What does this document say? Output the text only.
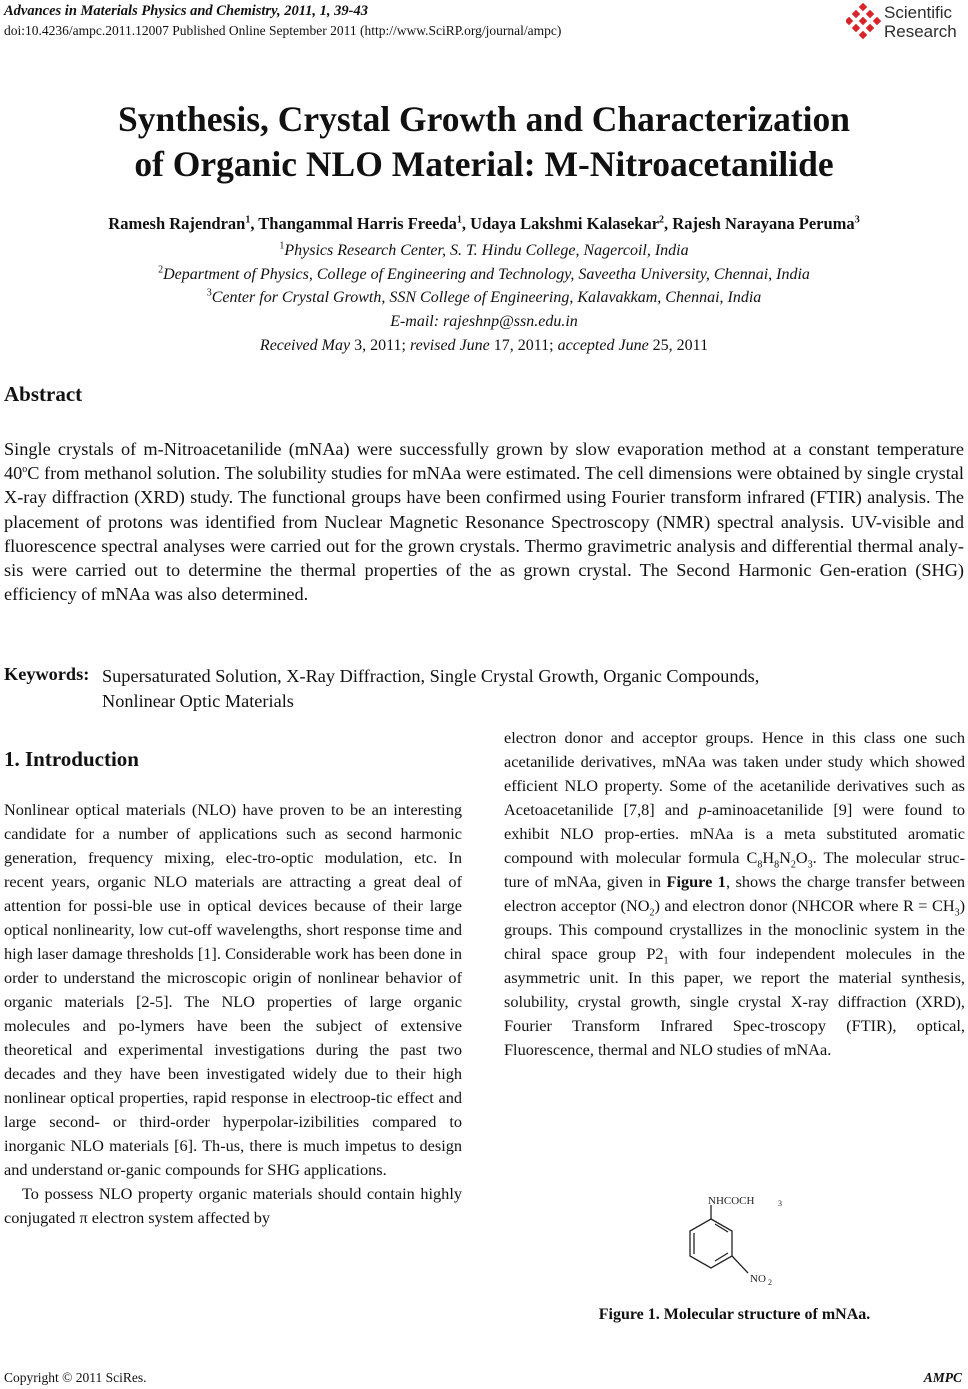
Advances in Materials Physics and Chemistry, 2011, 1, 39-43
doi:10.4236/ampc.2011.12007 Published Online September 2011 (http://www.SciRP.org/journal/ampc)
Scientific
Research
Synthesis, Crystal Growth and Characterization
of Organic NLO Material: M-Nitroacetanilide
Ramesh Rajendran$^1$, Thangammal Harris Freeda$^1$, Udaya Lakshmi Kalasekar$^2$, Rajesh Narayana Peruma$^3$
$^1$Physics Research Center, S. T. Hindu College, Nagercoil, India
$^2$Department of Physics, College of Engineering and Technology, Saveetha University, Chennai, India
$^3$Center for Crystal Growth, SSN College of Engineering, Kalavakkam, Chennai, India
E-mail: rajeshnp@ssn.edu.in
Received May 3, 2011; revised June 17, 2011; accepted June 25, 2011
Abstract
Single crystals of m-Nitroacetanilide (mNAa) were successfully grown by slow evaporation method at a constant temperature 40$^o$C from methanol solution. The solubility studies for mNAa were estimated. The cell dimensions were obtained by single crystal X-ray diffraction (XRD) study. The functional groups have been confirmed using Fourier transform infrared (FTIR) analysis. The placement of protons was identified from Nuclear Magnetic Resonance Spectroscopy (NMR) spectral analysis. UV-visible and fluorescence spectral analyses were carried out for the grown crystals. Thermo gravimetric analysis and differential thermal analy-sis were carried out to determine the thermal properties of the as grown crystal. The Second Harmonic Gen-eration (SHG) efficiency of mNAa was also determined.
Keywords: Supersaturated Solution, X-Ray Diffraction, Single Crystal Growth, Organic Compounds,
Nonlinear Optic Materials
1. Introduction

Nonlinear optical materials (NLO) have proven to be an interesting candidate for a number of applications such as second harmonic generation, frequency mixing, elec-tro-optic modulation, etc. In recent years, organic NLO materials are attracting a great deal of attention for possi-ble use in optical devices because of their large optical nonlinearity, low cut-off wavelengths, short response time and high laser damage thresholds [1]. Considerable work has been done in order to understand the microscopic origin of nonlinear behavior of organic materials [2-5]. The NLO properties of large organic molecules and po-lymers have been the subject of extensive theoretical and experimental investigations during the past two decades and they have been investigated widely due to their high nonlinear optical properties, rapid response in electroop-tic effect and large second- or third-order hyperpolar-izibilities compared to inorganic NLO materials [6]. Th-us, there is much impetus to design and understand or-ganic compounds for SHG applications.

To possess NLO property organic materials should contain highly conjugated π electron system affected by

electron donor and acceptor groups. Hence in this class one such acetanilide derivatives, mNAa was taken under study which showed efficient NLO property. Some of the acetanilide derivatives such as Acetoacetanilide [7,8] and p-aminoacetanilide [9] were found to exhibit NLO prop-erties. mNAa is a meta substituted aromatic compound with molecular formula $C_8H_8N_2O_3$. The molecular struc-ture of mNAa, given in Figure 1, shows the charge transfer between electron acceptor $(NO_2)$ and electron donor (NHCOR where $R = CH_3$) groups. This compound crystallizes in the monoclinic system in the chiral space group $P2_1$ with four independent molecules in the asymmetric unit. In this paper, we report the material synthesis, solubility, crystal growth, single crystal X-ray diffraction (XRD), Fourier Transform Infrared Spec-troscopy (FTIR), optical, Fluorescence, thermal and NLO studies of mNAa.

NHCOCH	3
NO 2
Figure 1. Molecular structure of mNAa.
Copyright © 2011 SciRes.	AMPC
